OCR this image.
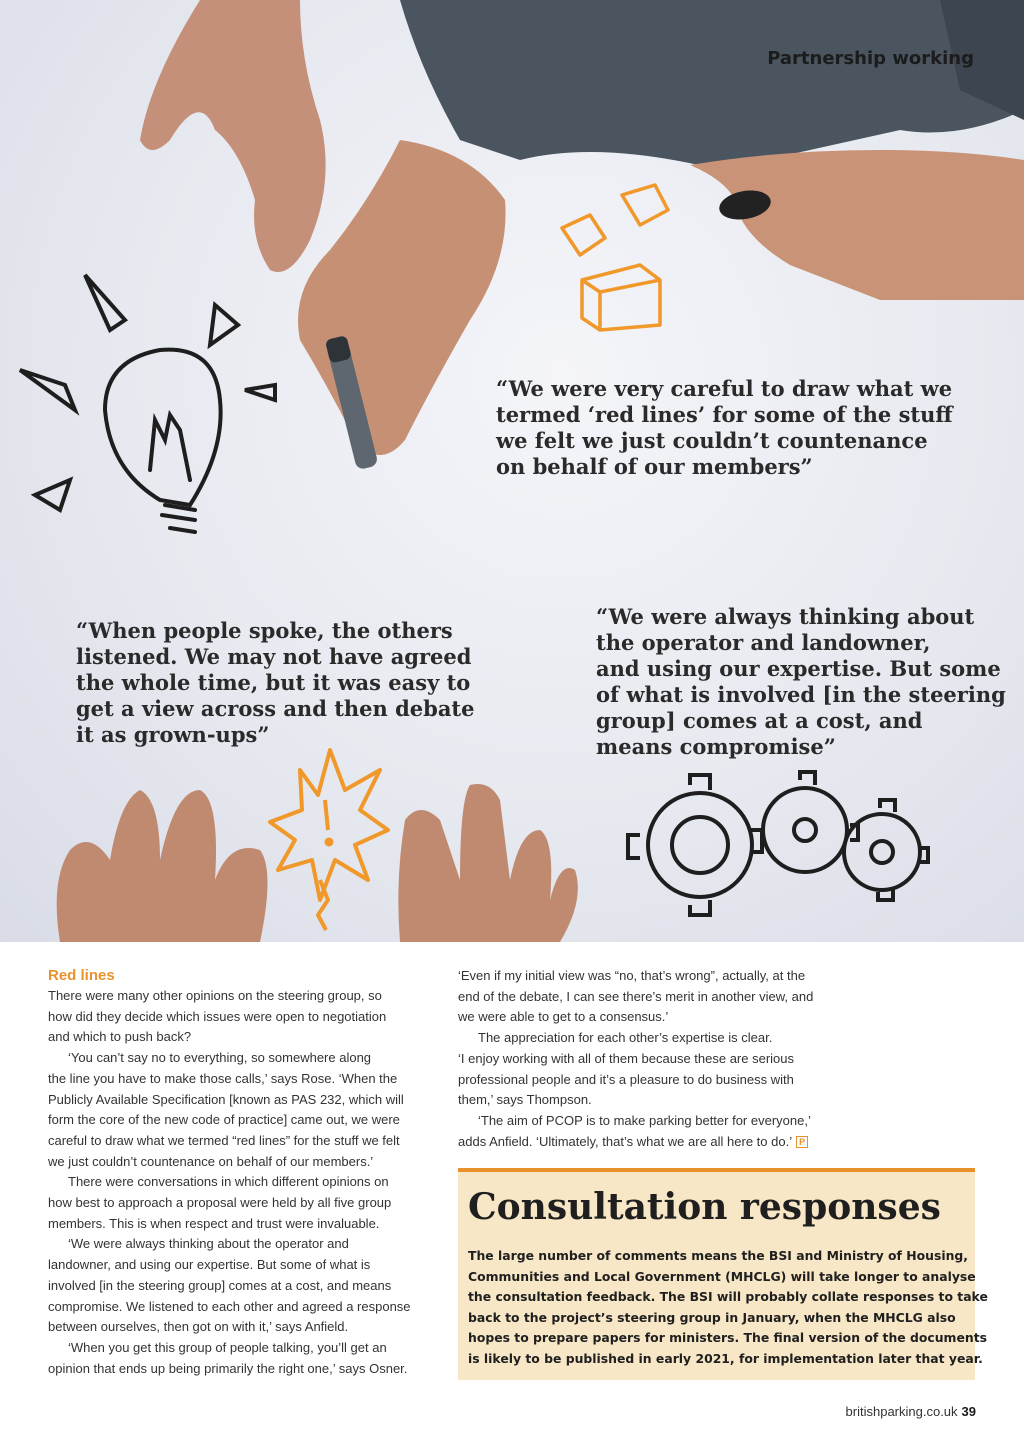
Partnership working

“We were very careful to draw what we

termed ‘red lines’ for some of the stuff

we felt we just couldn’t countenance

on behalf of our members”

“When people spoke, the others

listened. We may not have agreed

the whole time, but it was easy to

get a view across and then debate

it as grown-ups”

“We were always thinking about

the operator and landowner,

and using our expertise. But some

of what is involved [in the steering

group] comes at a cost, and

means compromise”

Red lines

There were many other opinions on the steering group, so

how did they decide which issues were open to negotiation

and which to push back?

‘You can’t say no to everything, so somewhere along

the line you have to make those calls,’ says Rose. ‘When the

Publicly Available Specification [known as PAS 232, which will

form the core of the new code of practice] came out, we were

careful to draw what we termed “red lines” for the stuff we felt

we just couldn’t countenance on behalf of our members.’

There were conversations in which different opinions on

how best to approach a proposal were held by all five group

members. This is when respect and trust were invaluable.

‘We were always thinking about the operator and

landowner, and using our expertise. But some of what is

involved [in the steering group] comes at a cost, and means

compromise. We listened to each other and agreed a response

between ourselves, then got on with it,’ says Anfield.

‘When you get this group of people talking, you’ll get an

opinion that ends up being primarily the right one,’ says Osner.

‘Even if my initial view was “no, that’s wrong”, actually, at the

end of the debate, I can see there’s merit in another view, and

we were able to get to a consensus.’

The appreciation for each other’s expertise is clear.

‘I enjoy working with all of them because these are serious

professional people and it’s a pleasure to do business with

them,’ says Thompson.

‘The aim of PCOP is to make parking better for everyone,’

adds Anfield. ‘Ultimately, that’s what we are all here to do.’ P

Consultation responses

The large number of comments means the BSI and Ministry of Housing,

Communities and Local Government (MHCLG) will take longer to analyse

the consultation feedback. The BSI will probably collate responses to take

back to the project’s steering group in January, when the MHCLG also

hopes to prepare papers for ministers. The final version of the documents

is likely to be published in early 2021, for implementation later that year.

britishparking.co.uk 39
